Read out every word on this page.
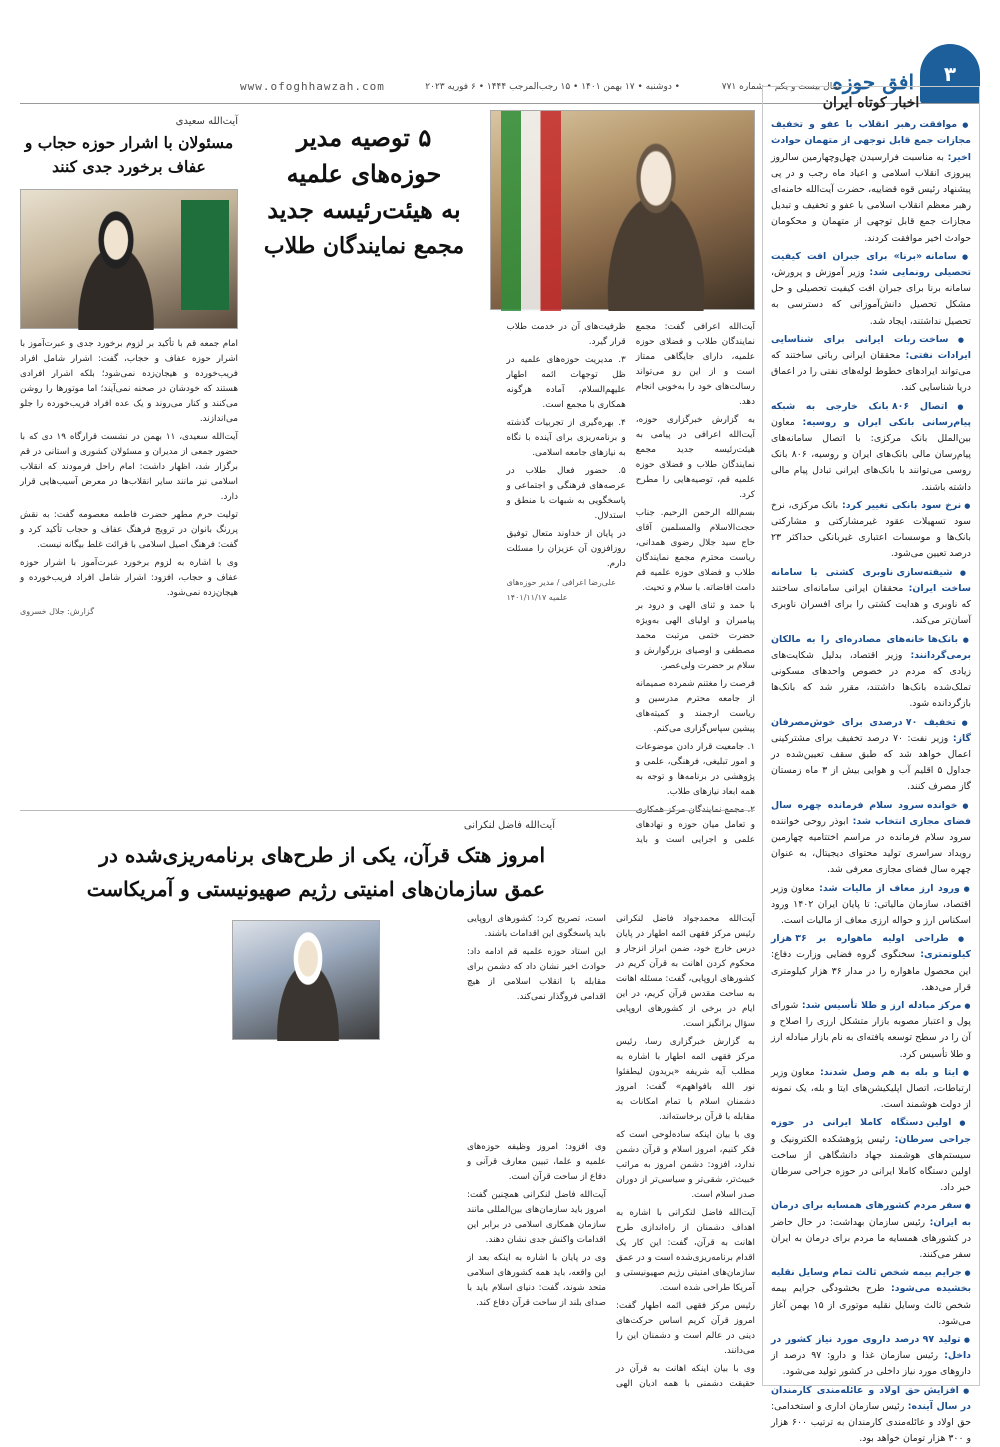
۳
افق حوزه
سال بیست و یکم • شماره ۷۷۱
• دوشنبه • ۱۷ بهمن ۱۴۰۱ • ۱۵ رجب‌المرجب ۱۴۴۴ • ۶ فوریه ۲۰۲۳
www.ofoghhawzah.com
اخبار کوتاه ایران
● موافقت رهبر انقلاب با عفو و تخفیف مجازات جمع قابل توجهی از متهمان حوادث اخیر: به مناسبت فرارسیدن چهل‌وچهارمین سالروز پیروزی انقلاب اسلامی و اعیاد ماه رجب و در پی پیشنهاد رئیس قوه قضاییه، حضرت آیت‌الله خامنه‌ای رهبر معظم انقلاب اسلامی با عفو و تخفیف و تبدیل مجازات جمع قابل توجهی از متهمان و محکومان حوادث اخیر موافقت کردند.
● سامانه «برنا» برای جبران افت کیفیت تحصیلی رونمایی شد: وزیر آموزش و پرورش، سامانه برنا برای جبران افت کیفیت تحصیلی و حل مشکل تحصیل دانش‌آموزانی که دسترسی به تحصیل نداشتند، ایجاد شد.
● ساخت ربات ایرانی برای شناسایی ایرادات نفتی: محققان ایرانی رباتی ساختند که می‌تواند ایرادهای خطوط لوله‌های نفتی را در اعماق دریا شناسایی کند.
● اتصال ۸۰۶ بانک خارجی به شبکه پیام‌رسانی بانکی ایران و روسیه: معاون بین‌الملل بانک مرکزی: با اتصال سامانه‌های پیام‌رسان مالی بانک‌های ایران و روسیه، ۸۰۶ بانک روسی می‌توانند با بانک‌های ایرانی تبادل پیام مالی داشته باشند.
● نرخ سود بانکی تغییر کرد: بانک مرکزی، نرخ سود تسهیلات عقود غیرمشارکتی و مشارکتی بانک‌ها و موسسات اعتباری غیربانکی حداکثر ۲۳ درصد تعیین می‌شود.
● شیفته‌سازی ناوبری کشتی با سامانه ساخت ایران: محققان ایرانی سامانه‌ای ساختند که ناوبری و هدایت کشتی را برای افسران ناوبری آسان‌تر می‌کند.
● بانک‌ها خانه‌های مصادره‌ای را به مالکان برمی‌گردانند: وزیر اقتصاد، بدلیل شکایت‌های زیادی که مردم در خصوص واحدهای مسکونی تملک‌شده بانک‌ها داشتند، مقرر شد که بانک‌ها بازگردانده شود.
● تخفیف ۷۰ درصدی برای خوش‌مصرفان گاز: وزیر نفت: ۷۰ درصد تخفیف برای مشترکینی اعمال خواهد شد که طبق سقف تعیین‌شده در جداول ۵ اقلیم آب و هوایی بیش از ۳ ماه زمستان گاز مصرف کنند.
● خوانده سرود سلام فرمانده چهره سال فضای مجازی انتخاب شد: ابوذر روحی خواننده سرود سلام فرمانده در مراسم اختتامیه چهارمین رویداد سراسری تولید محتوای دیجیتال، به عنوان چهره سال فضای مجازی معرفی شد.
● ورود ارز معاف از مالیات شد: معاون وزیر اقتصاد، سازمان مالیاتی: تا پایان ایران ۱۴۰۲ ورود اسکناس ارز و حواله ارزی معاف از مالیات است.
● طراحی اولیه ماهواره بر ۳۶ هزار کیلوتمتری: سخنگوی گروه فضایی وزارت دفاع: این محصول ماهواره را در مدار ۳۶ هزار کیلومتری قرار می‌دهد.
● مرکز مبادله ارز و طلا تأسیس شد: شورای پول و اعتبار مصوبه بازار متشکل ارزی را اصلاح و آن را در سطح توسعه یافته‌ای به نام بازار مبادله ارز و طلا تأسیس کرد.
● ایتا و بله به هم وصل شدند: معاون وزیر ارتباطات، اتصال اپلیکیشن‌های ایتا و بله، یک نمونه از دولت هوشمند است.
● اولین دستگاه کاملا ایرانی در حوزه جراحی سرطان: رئیس پژوهشکده الکترونیک و سیستم‌های هوشمند جهاد دانشگاهی از ساخت اولین دستگاه کاملا ایرانی در حوزه جراحی سرطان خبر داد.
● سفر مردم کشورهای همسایه برای درمان به ایران: رئیس سازمان بهداشت: در حال حاضر در کشورهای همسایه ما مردم برای درمان به ایران سفر می‌کنند.
● جرایم بیمه شخص ثالث تمام وسایل نقلیه بخشیده می‌شود: طرح بخشودگی جرایم بیمه شخص ثالث وسایل نقلیه موتوری از ۱۵ بهمن آغاز می‌شود.
● تولید ۹۷ درصد داروی مورد نیاز کشور در داخل: رئیس سازمان غذا و دارو: ۹۷ درصد از داروهای مورد نیاز داخلی در کشور تولید می‌شود.
● افزایش حق اولاد و عائله‌مندی کارمندان در سال آینده: رئیس سازمان اداری و استخدامی: حق اولاد و عائله‌مندی کارمندان به ترتیب ۶۰۰ هزار و ۳۰۰ هزار تومان خواهد بود.
۵ توصیه مدیر حوزه‌های علمیه
به هیئت‌رئیسه جدید
مجمع نمایندگان طلاب

آیت‌الله اعرافی گفت: مجمع نمایندگان طلاب و فضلای حوزه علمیه، دارای جایگاهی ممتاز است و از این رو می‌تواند رسالت‌های خود را به‌خوبی انجام دهد.

به گزارش خبرگزاری حوزه، آیت‌الله اعرافی در پیامی به هیئت‌رئیسه جدید مجمع نمایندگان طلاب و فضلای حوزه علمیه قم، توصیه‌هایی را مطرح کرد.

بسم‌الله الرحمن الرحیم. جناب حجت‌الاسلام والمسلمین آقای حاج سید جلال رضوی همدانی، ریاست محترم مجمع نمایندگان طلاب و فضلای حوزه علمیه قم دامت افاضاته. با سلام و تحیت.

با حمد و ثنای الهی و درود بر پیامبران و اولیای الهی به‌ویژه حضرت ختمی مرتبت محمد مصطفی و اوصیای بزرگوارش و سلام بر حضرت ولی‌عصر.

فرصت را مغتنم شمرده صمیمانه از جامعه محترم مدرسین و ریاست ارجمند و کمیته‌های پیشین سپاس‌گزاری می‌کنم.

۱. جامعیت قرار دادن موضوعات و امور تبلیغی، فرهنگی، علمی و پژوهشی در برنامه‌ها و توجه به همه ابعاد نیازهای طلاب.

۲. مجمع نمایندگان مرکز همکاری و تعامل میان حوزه و نهادهای علمی و اجرایی است و باید ظرفیت‌های آن در خدمت طلاب قرار گیرد.

۳. مدیریت حوزه‌های علمیه در ظل توجهات ائمه اطهار علیهم‌السلام، آماده هرگونه همکاری با مجمع است.

۴. بهره‌گیری از تجربیات گذشته و برنامه‌ریزی برای آینده با نگاه به نیازهای جامعه اسلامی.

۵. حضور فعال طلاب در عرصه‌های فرهنگی و اجتماعی و پاسخگویی به شبهات با منطق و استدلال.

در پایان از خداوند متعال توفیق روزافزون آن عزیزان را مسئلت دارم.

علی‌رضا اعرافی / مدیر حوزه‌های علمیه ۱۴۰۱/۱۱/۱۷

آیت‌الله سعیدی
مسئولان با اشرار حوزه حجاب و عفاف برخورد جدی کنند

امام جمعه قم با تأکید بر لزوم برخورد جدی و عبرت‌آموز با اشرار حوزه عفاف و حجاب، گفت: اشرار شامل افراد فریب‌خورده و هیجان‌زده نمی‌شود؛ بلکه اشرار افرادی هستند که خودشان در صحنه نمی‌آیند؛ اما موتورها را روشن می‌کنند و کنار می‌روند و یک عده افراد فریب‌خورده را جلو می‌اندازند.

آیت‌الله سعیدی، ۱۱ بهمن در نشست قرارگاه ۱۹ دی که با حضور جمعی از مدیران و مسئولان کشوری و استانی در قم برگزار شد، اظهار داشت: امام راحل فرمودند که انقلاب اسلامی نیز مانند سایر انقلاب‌ها در معرض آسیب‌هایی قرار دارد.

تولیت حرم مطهر حضرت فاطمه معصومه گفت: به نقش پررنگ بانوان در ترویج فرهنگ عفاف و حجاب تأکید کرد و گفت: فرهنگ اصیل اسلامی با قرائت غلط بیگانه نیست.

وی با اشاره به لزوم برخورد عبرت‌آموز با اشرار حوزه عفاف و حجاب، افزود: اشرار شامل افراد فریب‌خورده و هیجان‌زده نمی‌شود.

گزارش: جلال خسروی

آیت‌الله فاضل لنکرانی
امروز هتک قرآن، یکی از طرح‌های برنامه‌ریزی‌شده در عمق سازمان‌های امنیتی رژیم صهیونیستی و آمریکاست

آیت‌الله محمدجواد فاضل لنکرانی رئیس مرکز فقهی ائمه اطهار در پایان درس خارج خود، ضمن ابراز انزجار و محکوم کردن اهانت به قرآن کریم در کشورهای اروپایی، گفت: مسئله اهانت به ساحت مقدس قرآن کریم، در این ایام در برخی از کشورهای اروپایی سؤال برانگیز است.

به گزارش خبرگزاری رسا، رئیس مرکز فقهی ائمه اطهار با اشاره به مطلب آیه شریفه «یریدون لیطفئوا نور الله بافواههم» گفت: امروز دشمنان اسلام با تمام امکانات به مقابله با قرآن برخاسته‌اند.

وی با بیان اینکه ساده‌لوحی است که فکر کنیم، امروز اسلام و قرآن دشمن ندارد، افزود: دشمن امروز به مراتب خبیث‌تر، شقی‌تر و سیاسی‌تر از دوران صدر اسلام است.

آیت‌الله فاضل لنکرانی با اشاره به اهداف دشمنان از راه‌اندازی طرح اهانت به قرآن، گفت: این کار یک اقدام برنامه‌ریزی‌شده است و در عمق سازمان‌های امنیتی رژیم صهیونیستی و آمریکا طراحی شده است.

رئیس مرکز فقهی ائمه اطهار گفت: امروز قرآن کریم اساس حرکت‌های دینی در عالم است و دشمنان این را می‌دانند.

وی با بیان اینکه اهانت به قرآن در حقیقت دشمنی با همه ادیان الهی است، تصریح کرد: کشورهای اروپایی باید پاسخگوی این اقدامات باشند.

این استاد حوزه علمیه قم ادامه داد: حوادث اخیر نشان داد که دشمن برای مقابله با انقلاب اسلامی از هیچ اقدامی فروگذار نمی‌کند.

وی افزود: امروز وظیفه حوزه‌های علمیه و علما، تبیین معارف قرآنی و دفاع از ساحت قرآن است.

آیت‌الله فاضل لنکرانی همچنین گفت: امروز باید سازمان‌های بین‌المللی مانند سازمان همکاری اسلامی در برابر این اقدامات واکنش جدی نشان دهند.

وی در پایان با اشاره به اینکه بعد از این واقعه، باید همه کشورهای اسلامی متحد شوند، گفت: دنیای اسلام باید با صدای بلند از ساحت قرآن دفاع کند.
